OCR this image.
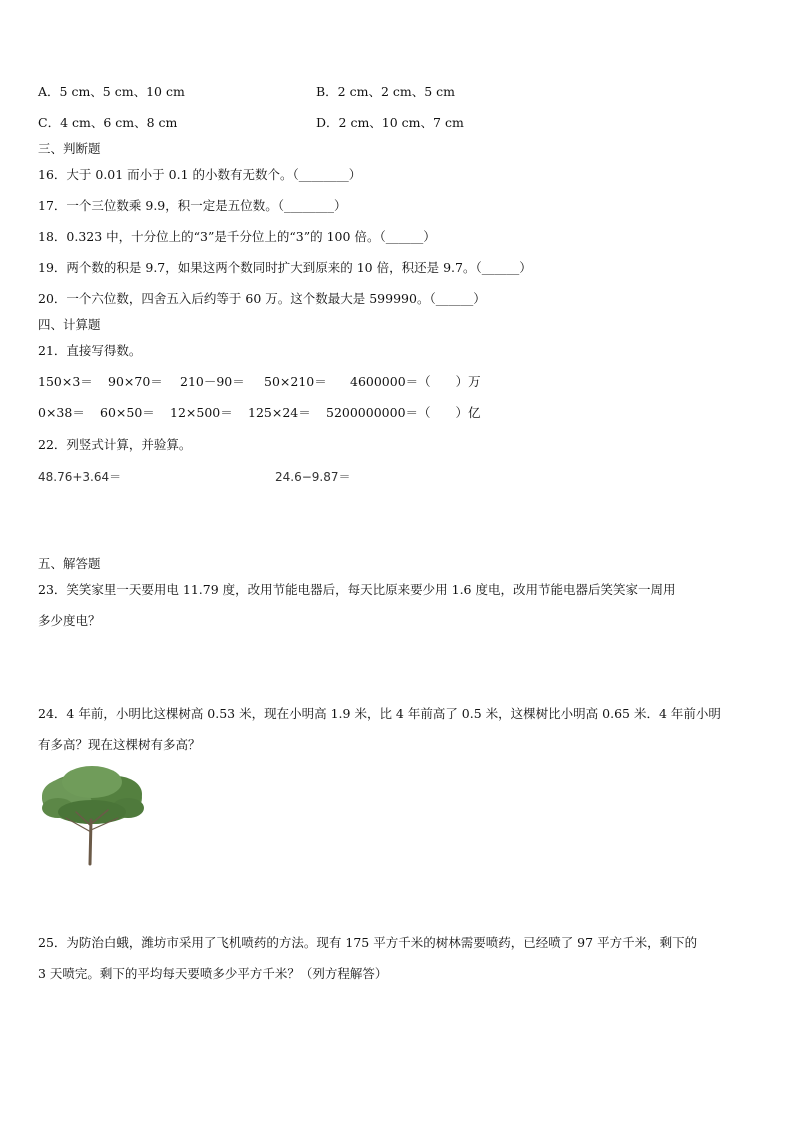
A．5 cm、5 cm、10 cm	B．2 cm、2 cm、5 cm
C．4 cm、6 cm、8 cm	D．2 cm、10 cm、7 cm
三、判断题
16．大于 0.01 而小于 0.1 的小数有无数个。（________）
17．一个三位数乘 9.9，积一定是五位数。（________）
18．0.323 中，十分位上的“3”是千分位上的“3”的 100 倍。（______）
19．两个数的积是 9.7，如果这两个数同时扩大到原来的 10 倍，积还是 9.7。（______）
20．一个六位数，四舍五入后约等于 60 万。这个数最大是 599990。（______）
四、计算题
21．直接写得数。
150×3＝ 90×70＝ 210－90＝ 50×210＝ 4600000＝（　　）万
0×38＝ 60×50＝ 12×500＝ 125×24＝ 5200000000＝（　　）亿
22．列竖式计算，并验算。
48.76+3.64＝	24.6−9.87＝
五、解答题
23．笑笑家里一天要用电 11.79 度，改用节能电器后，每天比原来要少用 1.6 度电，改用节能电器后笑笑家一周用
多少度电？
24．4 年前，小明比这棵树高 0.53 米，现在小明高 1.9 米，比 4 年前高了 0.5 米，这棵树比小明高 0.65 米．4 年前小明
有多高？现在这棵树有多高？
25．为防治白蛾，潍坊市采用了飞机喷药的方法。现有 175 平方千米的树林需要喷药，已经喷了 97 平方千米，剩下的
3 天喷完。剩下的平均每天要喷多少平方千米？（列方程解答）
